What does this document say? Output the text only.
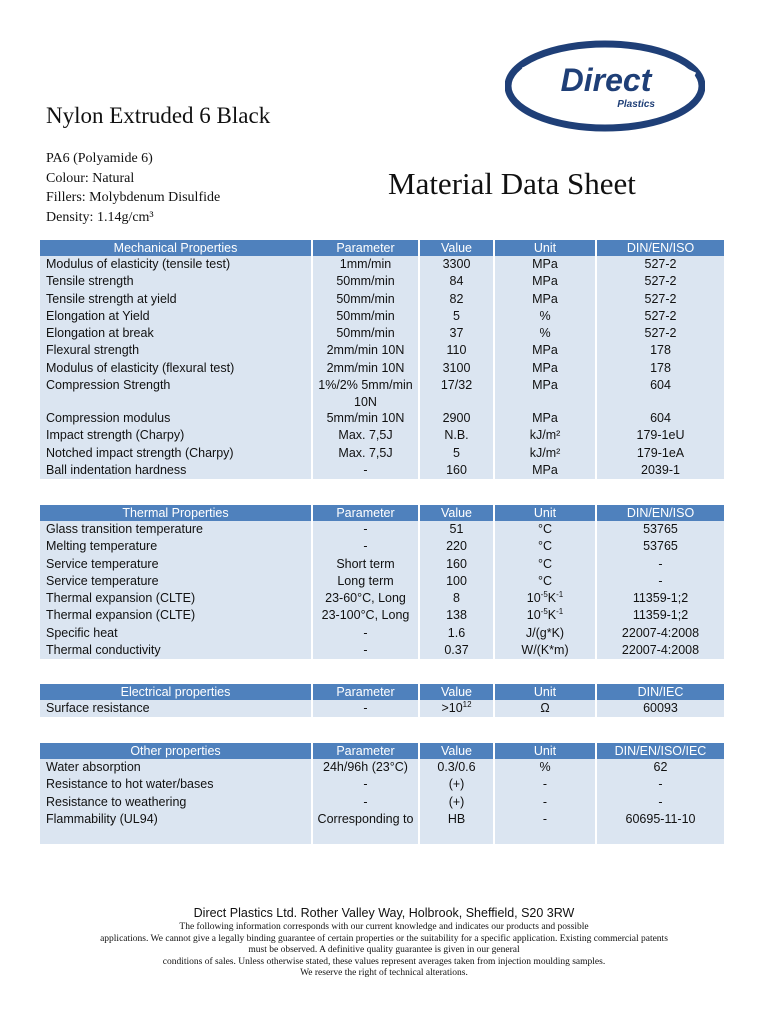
Direct
Plastics
Nylon Extruded 6 Black
PA6 (Polyamide 6)
Colour: Natural
Fillers: Molybdenum Disulfide
Density: 1.14g/cm³
Material Data Sheet
Mechanical Properties	Parameter	Value	Unit	DIN/EN/ISO
Modulus of elasticity (tensile test)	1mm/min	3300	MPa	527-2
Tensile strength	50mm/min	84	MPa	527-2
Tensile strength at yield	50mm/min	82	MPa	527-2
Elongation at Yield	50mm/min	5	%	527-2
Elongation at break	50mm/min	37	%	527-2
Flexural strength	2mm/min 10N	110	MPa	178
Modulus of elasticity (flexural test)	2mm/min 10N	3100	MPa	178
Compression Strength	1%/2% 5mm/min 10N	17/32	MPa	604
Compression modulus	5mm/min 10N	2900	MPa	604
Impact strength (Charpy)	Max. 7,5J	N.B.	kJ/m²	179-1eU
Notched impact strength (Charpy)	Max. 7,5J	5	kJ/m²	179-1eA
Ball indentation hardness	-	160	MPa	2039-1
Thermal Properties	Parameter	Value	Unit	DIN/EN/ISO
Glass transition temperature	-	51	°C	53765
Melting temperature	-	220	°C	53765
Service temperature	Short term	160	°C	-
Service temperature	Long term	100	°C	-
Thermal expansion (CLTE)	23-60°C, Long	8	$10^{-5}K^{-1}$	11359-1;2
Thermal expansion (CLTE)	23-100°C, Long	138	$10^{-5}K^{-1}$	11359-1;2
Specific heat	-	1.6	J/(g*K)	22007-4:2008
Thermal conductivity	-	0.37	W/(K*m)	22007-4:2008
Electrical properties	Parameter	Value	Unit	DIN/IEC
Surface resistance	-	$>10^{12}$	Ω	60093
Other properties	Parameter	Value	Unit	DIN/EN/ISO/IEC
Water absorption	24h/96h (23°C)	0.3/0.6	%	62
Resistance to hot water/bases	-	(+)	-	-
Resistance to weathering	-	(+)	-	-
Flammability (UL94)	Corresponding to	HB	-	60695-11-10
Direct Plastics Ltd. Rother Valley Way, Holbrook, Sheffield, S20 3RW
The following information corresponds with our current knowledge and indicates our products and possible
applications. We cannot give a legally binding guarantee of certain properties or the suitability for a specific application. Existing commercial patents
must be observed. A definitive quality guarantee is given in our general
conditions of sales. Unless otherwise stated, these values represent averages taken from injection moulding samples.
We reserve the right of technical alterations.
